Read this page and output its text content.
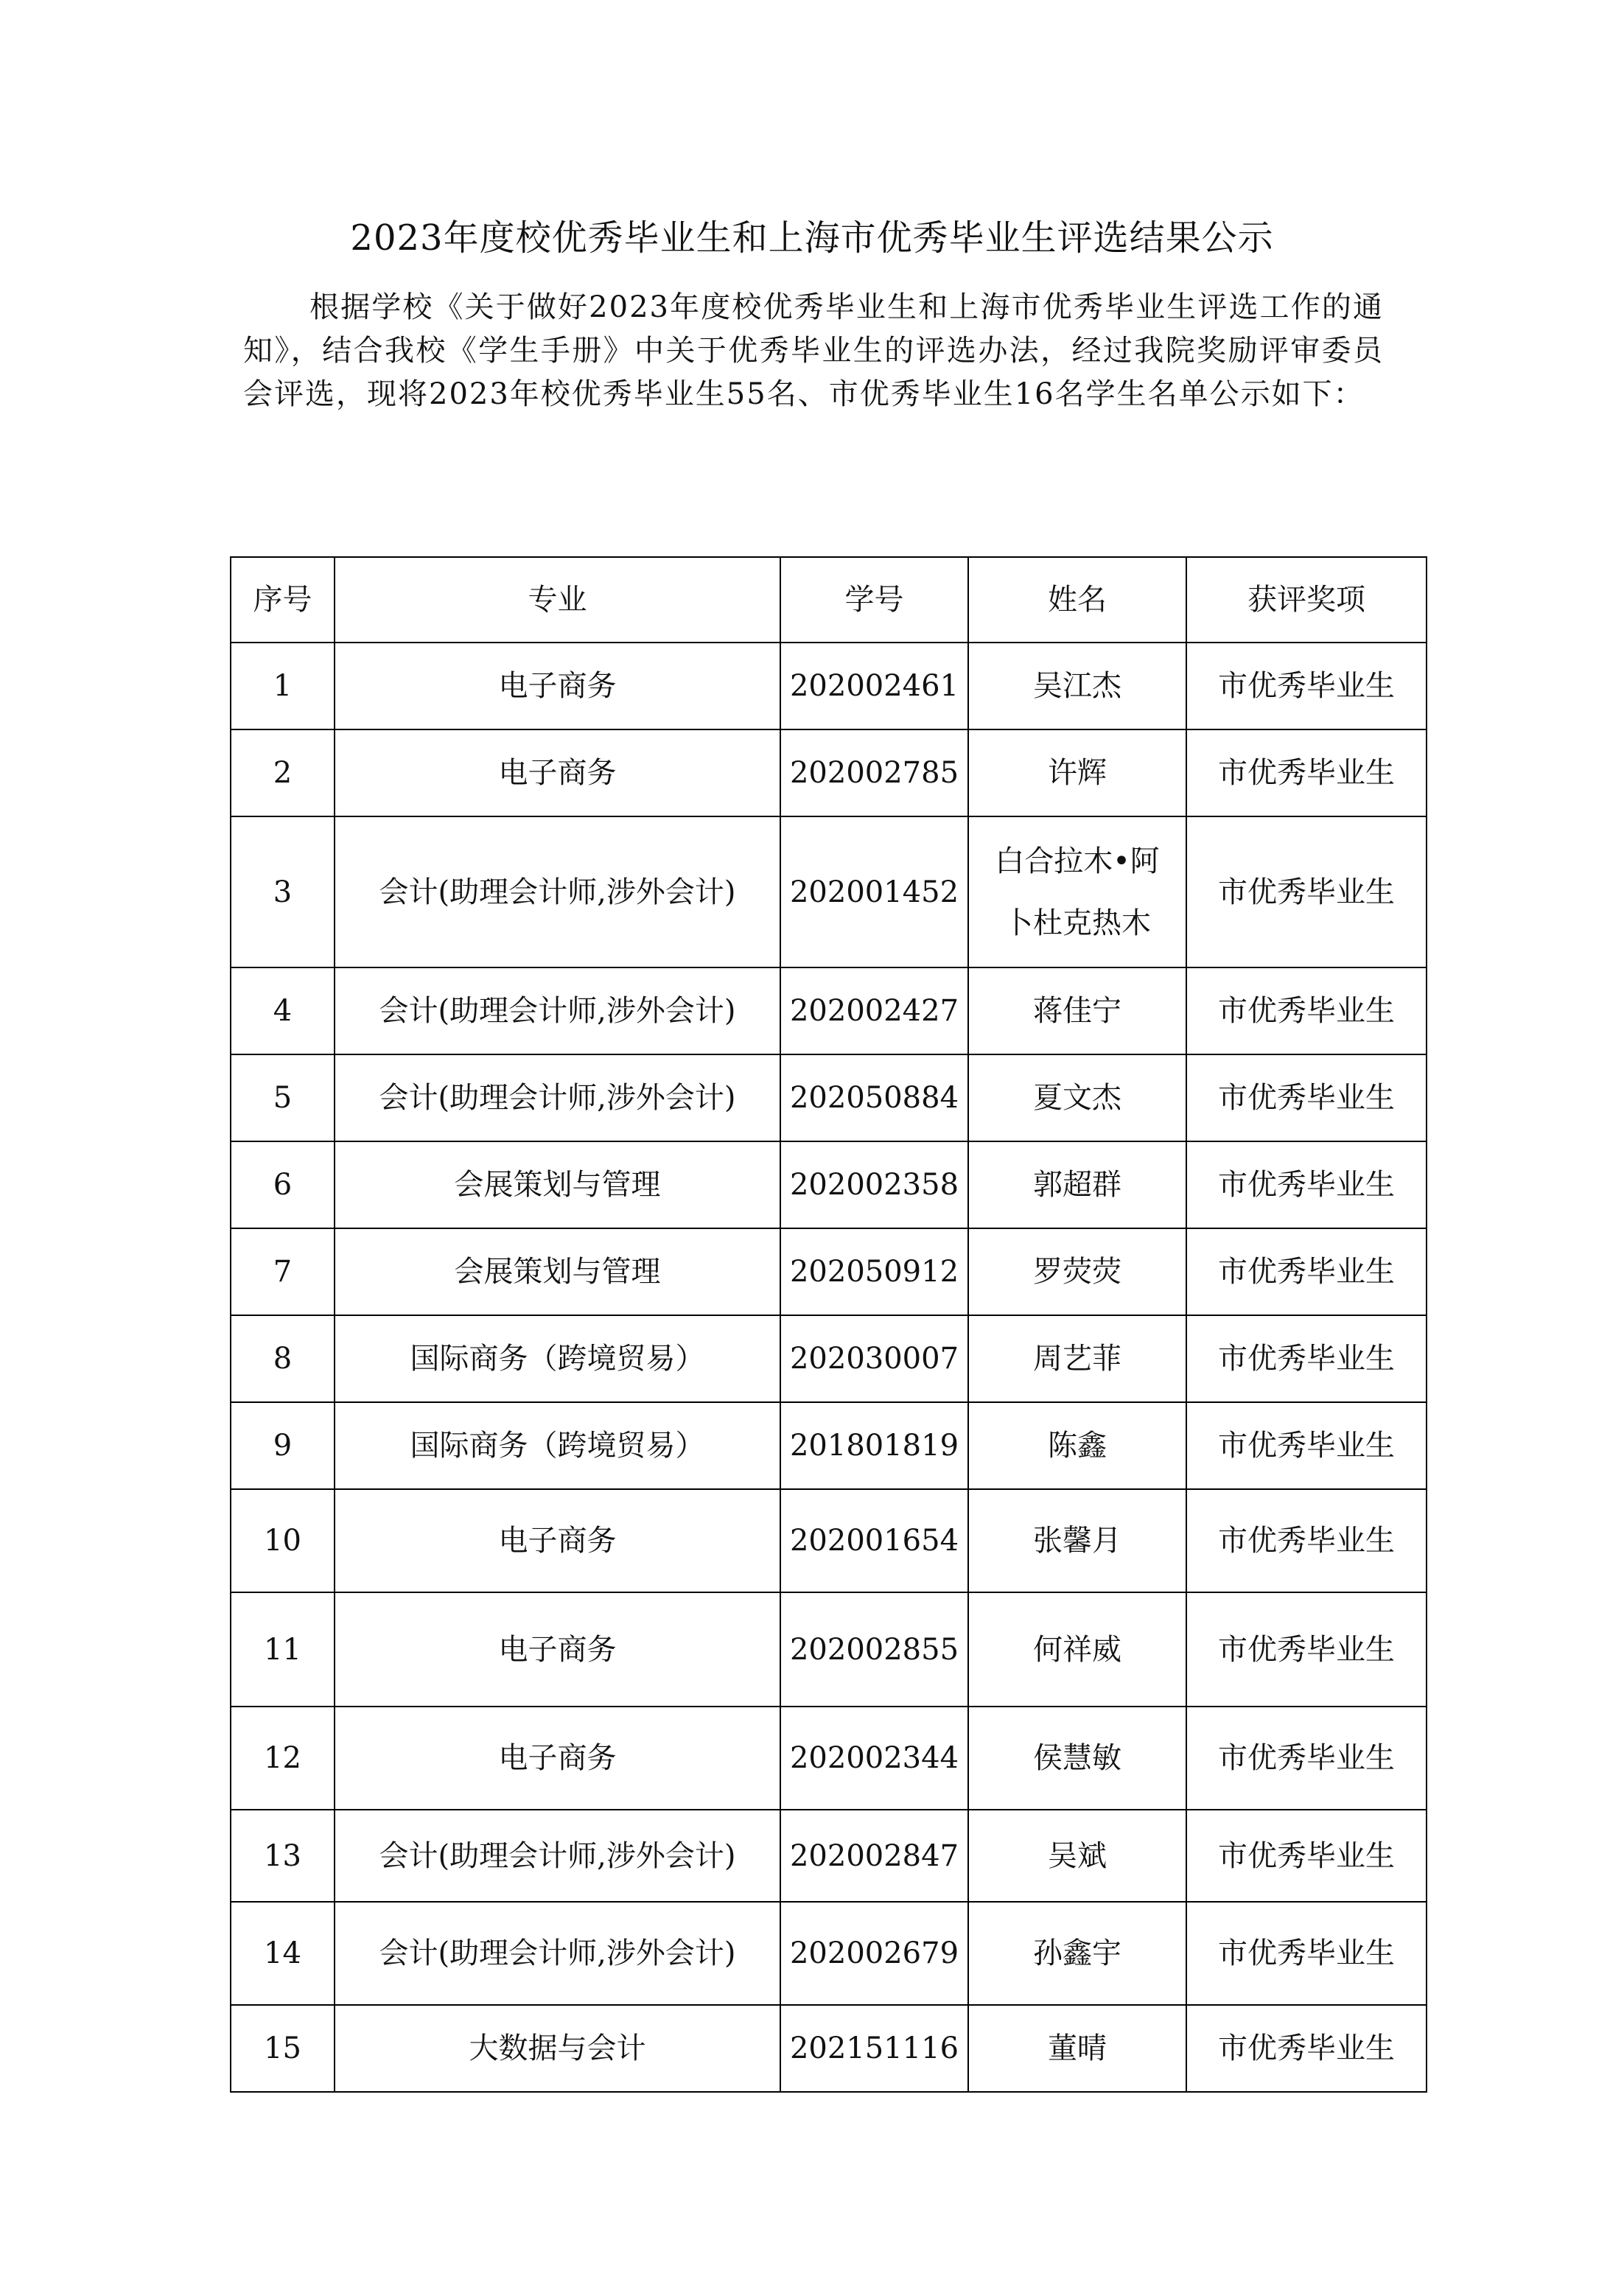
2023年度校优秀毕业生和上海市优秀毕业生评选结果公示

根据学校《关于做好2023年度校优秀毕业生和上海市优秀毕业生评选工作的通知》，结合我校《学生手册》中关于优秀毕业生的评选办法，经过我院奖励评审委员会评选，现将2023年校优秀毕业生55名、市优秀毕业生16名学生名单公示如下：

序号	专业	学号	姓名	获评奖项
1	电子商务	202002461	吴江杰	市优秀毕业生
2	电子商务	202002785	许辉	市优秀毕业生
3	会计(助理会计师,涉外会计)	202001452	白合拉木•阿卜杜克热木	市优秀毕业生
4	会计(助理会计师,涉外会计)	202002427	蒋佳宁	市优秀毕业生
5	会计(助理会计师,涉外会计)	202050884	夏文杰	市优秀毕业生
6	会展策划与管理	202002358	郭超群	市优秀毕业生
7	会展策划与管理	202050912	罗荧荧	市优秀毕业生
8	国际商务（跨境贸易）	202030007	周艺菲	市优秀毕业生
9	国际商务（跨境贸易）	201801819	陈鑫	市优秀毕业生
10	电子商务	202001654	张馨月	市优秀毕业生
11	电子商务	202002855	何祥威	市优秀毕业生
12	电子商务	202002344	侯慧敏	市优秀毕业生
13	会计(助理会计师,涉外会计)	202002847	吴斌	市优秀毕业生
14	会计(助理会计师,涉外会计)	202002679	孙鑫宇	市优秀毕业生
15	大数据与会计	202151116	董晴	市优秀毕业生
